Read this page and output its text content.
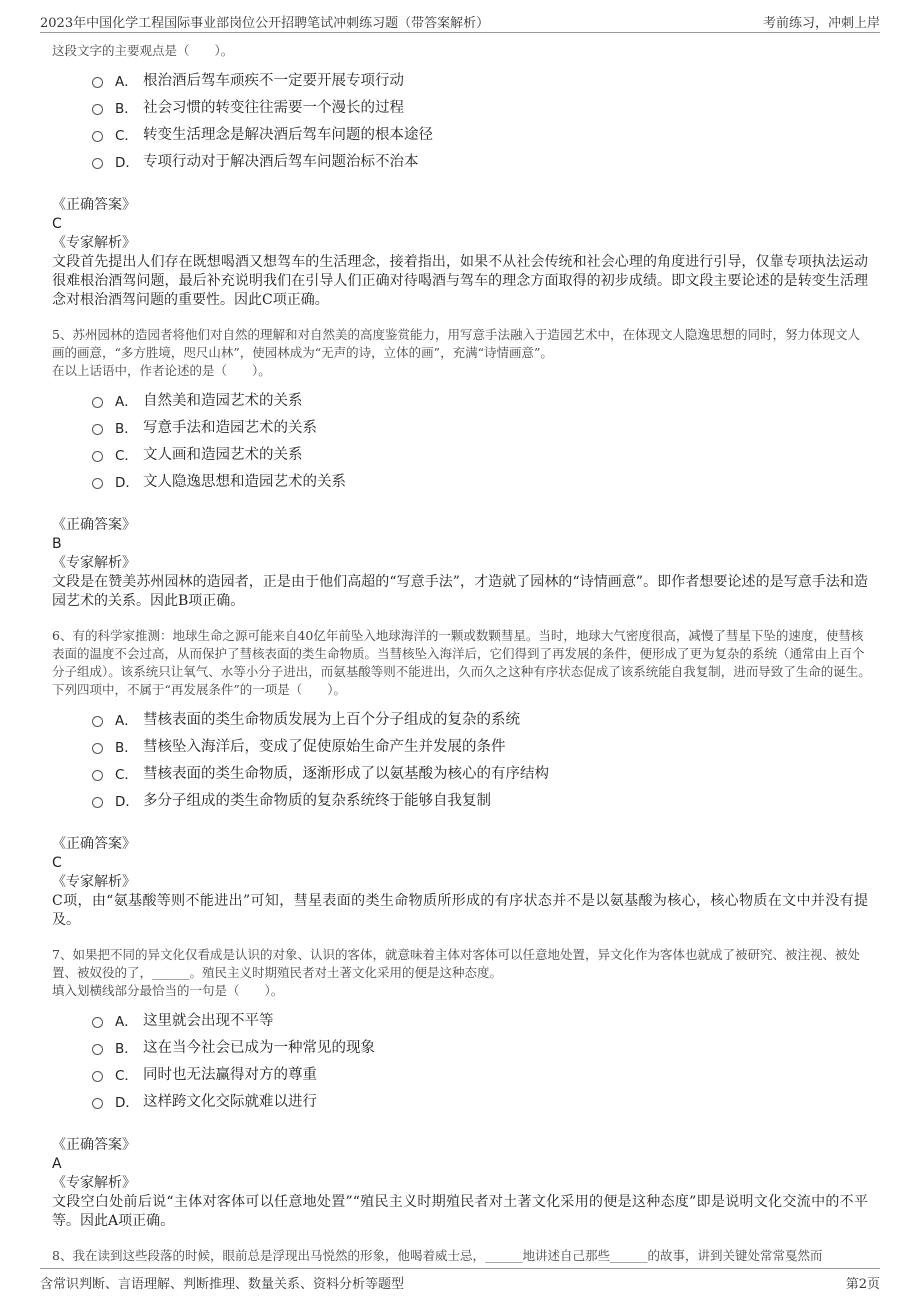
2023年中国化学工程国际事业部岗位公开招聘笔试冲刺练习题（带答案解析）	考前练习，冲刺上岸

这段文字的主要观点是（　　）。

A． 根治酒后驾车顽疾不一定要开展专项行动
B． 社会习惯的转变往往需要一个漫长的过程
C． 转变生活理念是解决酒后驾车问题的根本途径
D． 专项行动对于解决酒后驾车问题治标不治本
《正确答案》
C
《专家解析》
文段首先提出人们存在既想喝酒又想驾车的生活理念，接着指出，如果不从社会传统和社会心理的角度进行引导，仅靠专项执法运动很难根治酒驾问题，最后补充说明我们在引导人们正确对待喝酒与驾车的理念方面取得的初步成绩。即文段主要论述的是转变生活理念对根治酒驾问题的重要性。因此C项正确。

5、苏州园林的造园者将他们对自然的理解和对自然美的高度鉴赏能力，用写意手法融入于造园艺术中，在体现文人隐逸思想的同时，努力体现文人画的画意，“多方胜境，咫尺山林”，使园林成为“无声的诗，立体的画”，充满“诗情画意”。

在以上话语中，作者论述的是（　　）。

A． 自然美和造园艺术的关系
B． 写意手法和造园艺术的关系
C． 文人画和造园艺术的关系
D． 文人隐逸思想和造园艺术的关系
《正确答案》
B
《专家解析》
文段是在赞美苏州园林的造园者，正是由于他们高超的“写意手法”，才造就了园林的“诗情画意”。即作者想要论述的是写意手法和造园艺术的关系。因此B项正确。

6、有的科学家推测：地球生命之源可能来自40亿年前坠入地球海洋的一颗或数颗彗星。当时，地球大气密度很高，减慢了彗星下坠的速度，使彗核表面的温度不会过高，从而保护了彗核表面的类生命物质。当彗核坠入海洋后，它们得到了再发展的条件，便形成了更为复杂的系统（通常由上百个分子组成）。该系统只让氧气、水等小分子进出，而氨基酸等则不能进出，久而久之这种有序状态促成了该系统能自我复制，进而导致了生命的诞生。

下列四项中，不属于“再发展条件”的一项是（　　）。

A． 彗核表面的类生命物质发展为上百个分子组成的复杂的系统
B． 彗核坠入海洋后，变成了促使原始生命产生并发展的条件
C． 彗核表面的类生命物质，逐渐形成了以氨基酸为核心的有序结构
D． 多分子组成的类生命物质的复杂系统终于能够自我复制
《正确答案》
C
《专家解析》
C项，由“氨基酸等则不能进出”可知，彗星表面的类生命物质所形成的有序状态并不是以氨基酸为核心，核心物质在文中并没有提及。

7、如果把不同的异文化仅看成是认识的对象、认识的客体，就意味着主体对客体可以任意地处置，异文化作为客体也就成了被研究、被注视、被处置、被奴役的了，______。殖民主义时期殖民者对土著文化采用的便是这种态度。

填入划横线部分最恰当的一句是（　　）。

A． 这里就会出现不平等
B． 这在当今社会已成为一种常见的现象
C． 同时也无法赢得对方的尊重
D． 这样跨文化交际就难以进行
《正确答案》
A
《专家解析》
文段空白处前后说“主体对客体可以任意地处置”“殖民主义时期殖民者对土著文化采用的便是这种态度”即是说明文化交流中的不平等。因此A项正确。

8、我在读到这些段落的时候，眼前总是浮现出马悦然的形象，他喝着威士忌，______地讲述自己那些______的故事，讲到关键处常常戛然而

含常识判断、言语理解、判断推理、数量关系、资料分析等题型	第2页
